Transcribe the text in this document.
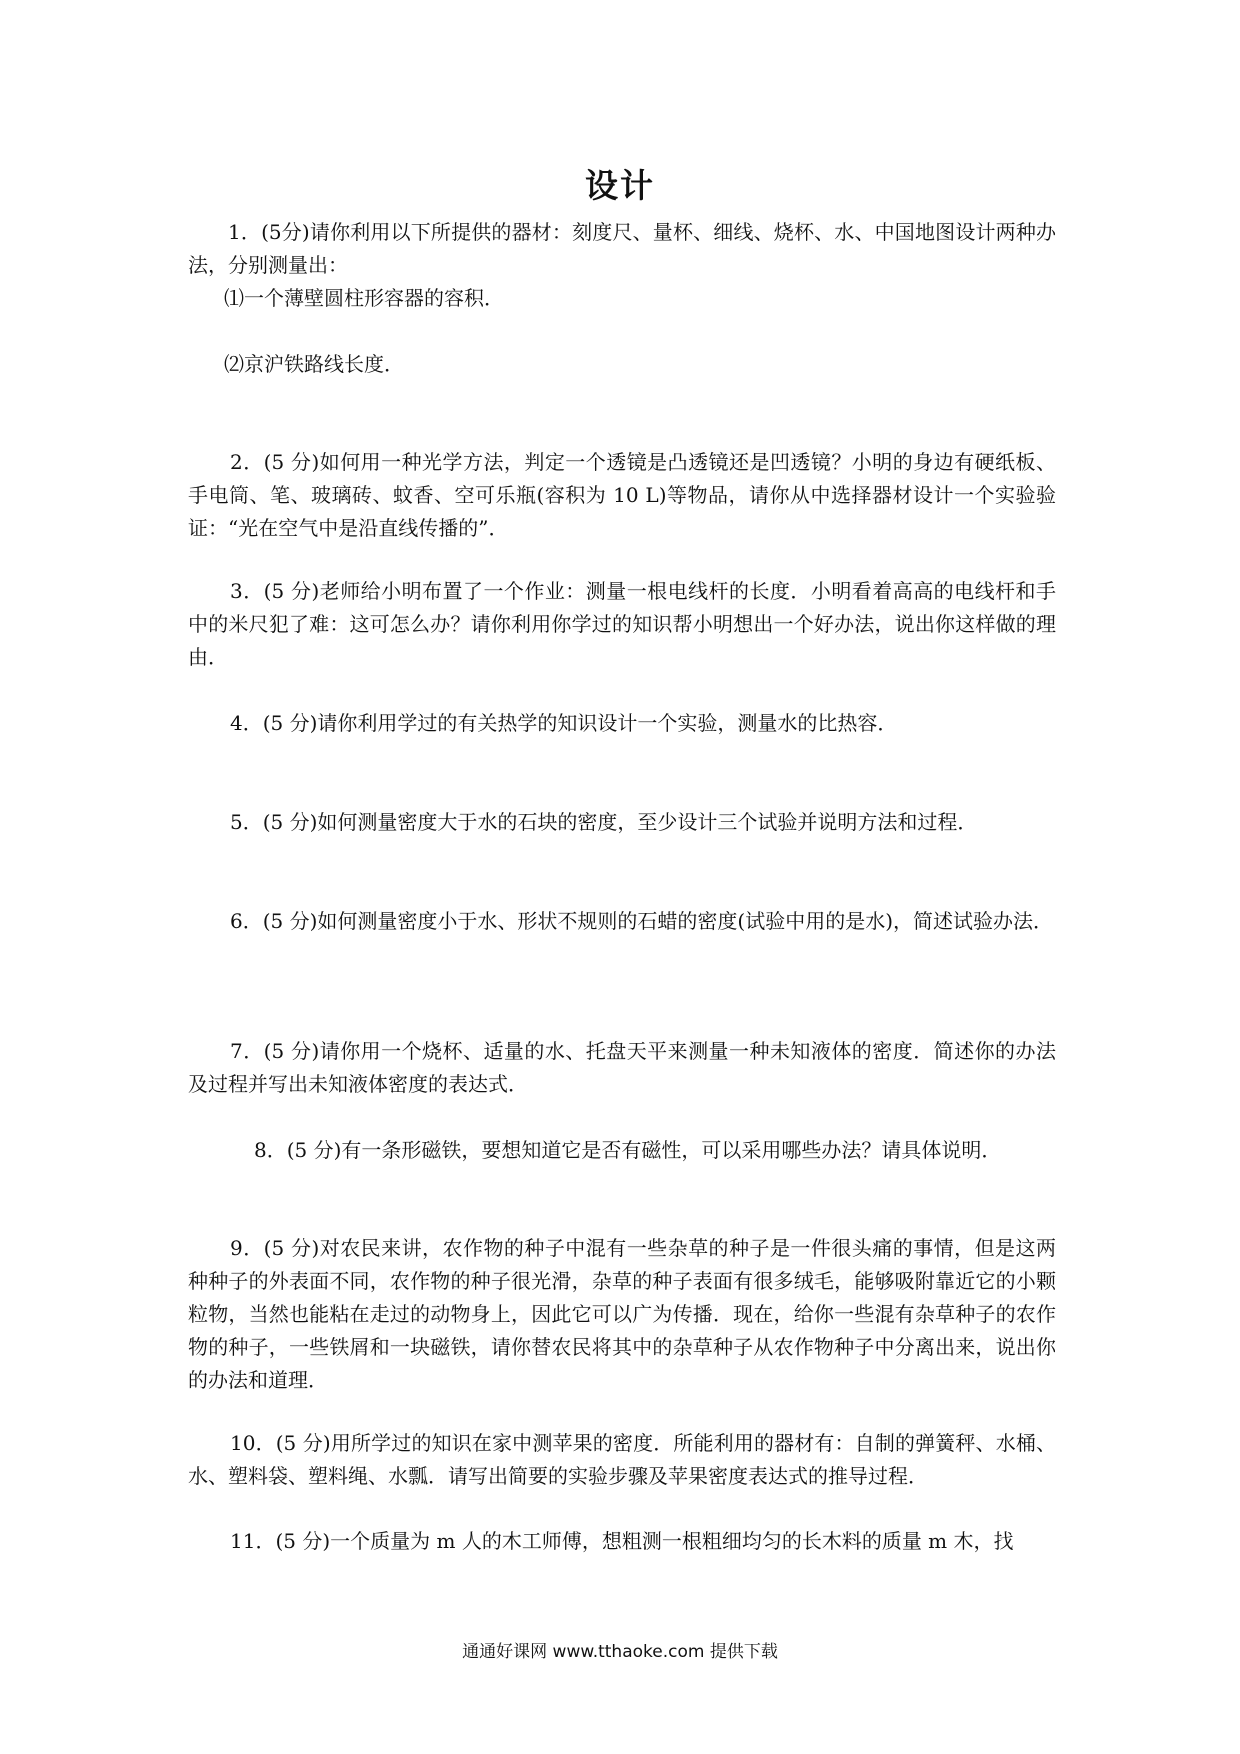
设计

1．(5分)请你利用以下所提供的器材：刻度尺、量杯、细线、烧杯、水、中国地图设计两种办法，分别测量出：

⑴一个薄壁圆柱形容器的容积．

⑵京沪铁路线长度．

2．(5 分)如何用一种光学方法，判定一个透镜是凸透镜还是凹透镜？小明的身边有硬纸板、手电筒、笔、玻璃砖、蚊香、空可乐瓶(容积为 10 L)等物品，请你从中选择器材设计一个实验验证：“光在空气中是沿直线传播的”．

3．(5 分)老师给小明布置了一个作业：测量一根电线杆的长度．小明看着高高的电线杆和手中的米尺犯了难：这可怎么办？请你利用你学过的知识帮小明想出一个好办法，说出你这样做的理由．

4．(5 分)请你利用学过的有关热学的知识设计一个实验，测量水的比热容．

5．(5 分)如何测量密度大于水的石块的密度，至少设计三个试验并说明方法和过程．

6．(5 分)如何测量密度小于水、形状不规则的石蜡的密度(试验中用的是水)，简述试验办法．

7．(5 分)请你用一个烧杯、适量的水、托盘天平来测量一种未知液体的密度．简述你的办法及过程并写出未知液体密度的表达式．

8．(5 分)有一条形磁铁，要想知道它是否有磁性，可以采用哪些办法？请具体说明．

9．(5 分)对农民来讲，农作物的种子中混有一些杂草的种子是一件很头痛的事情，但是这两种种子的外表面不同，农作物的种子很光滑，杂草的种子表面有很多绒毛，能够吸附靠近它的小颗粒物，当然也能粘在走过的动物身上，因此它可以广为传播．现在，给你一些混有杂草种子的农作物的种子，一些铁屑和一块磁铁，请你替农民将其中的杂草种子从农作物种子中分离出来，说出你的办法和道理．

10．(5 分)用所学过的知识在家中测苹果的密度．所能利用的器材有：自制的弹簧秤、水桶、水、塑料袋、塑料绳、水瓢．请写出简要的实验步骤及苹果密度表达式的推导过程．

11．(5 分)一个质量为 m 人的木工师傅，想粗测一根粗细均匀的长木料的质量 m 木，找

通通好课网 www.tthaoke.com 提供下载
